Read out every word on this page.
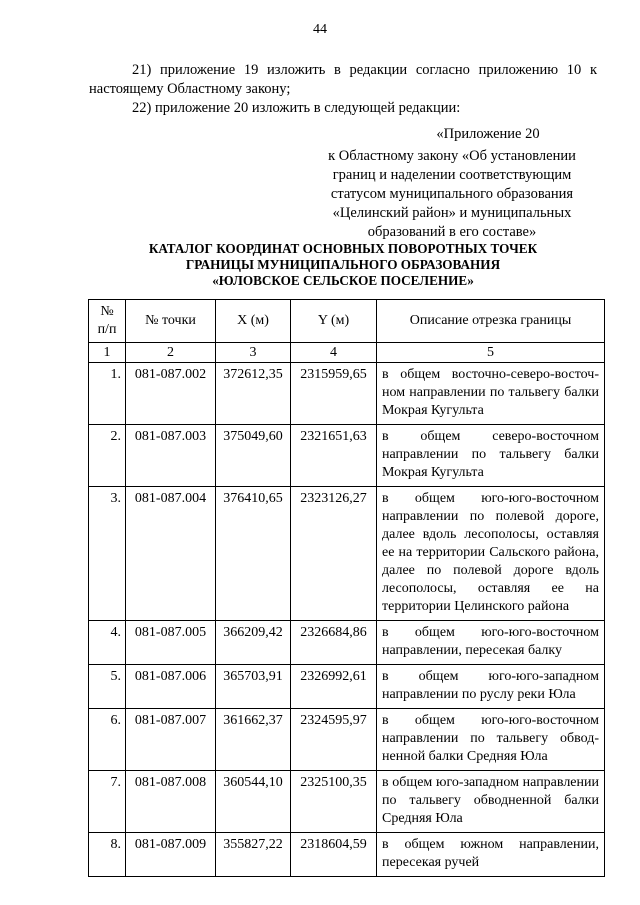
44

21) приложение 19 изложить в редакции согласно приложению 10 к настоящему Областному закону;

22) приложение 20 изложить в следующей редакции:

«Приложение 20
к Областному закону «Об установлении
границ и наделении соответствующим
статусом муниципального образования
«Целинский район» и муниципальных
образований в его составе»
КАТАЛОГ КООРДИНАТ ОСНОВНЫХ ПОВОРОТНЫХ ТОЧЕК
ГРАНИЦЫ МУНИЦИПАЛЬНОГО ОБРАЗОВАНИЯ
«ЮЛОВСКОЕ СЕЛЬСКОЕ ПОСЕЛЕНИЕ»
№
п/п	№ точки	X (м)	Y (м)	Описание отрезка границы
1	2	3	4	5
1.	081-087.002	372612,35	2315959,65	в общем восточно-северо-восточном направлении по тальвегу балки Мокрая Кугульта
2.	081-087.003	375049,60	2321651,63	в общем северо-восточном направлении по тальвегу балки Мокрая Кугульта
3.	081-087.004	376410,65	2323126,27	в общем юго-юго-восточном направлении по полевой дороге, далее вдоль лесополосы, оставляя ее на территории Сальского района, далее по полевой дороге вдоль лесополосы, оставляя ее на территории Целинского района
4.	081-087.005	366209,42	2326684,86	в общем юго-юго-восточном направлении, пересекая балку
5.	081-087.006	365703,91	2326992,61	в общем юго-юго-западном направлении по руслу реки Юла
6.	081-087.007	361662,37	2324595,97	в общем юго-юго-восточном направлении по тальвегу обводненной балки Средняя Юла
7.	081-087.008	360544,10	2325100,35	в общем юго-западном направлении по тальвегу обводненной балки Средняя Юла
8.	081-087.009	355827,22	2318604,59	в общем южном направлении, пересекая ручей
